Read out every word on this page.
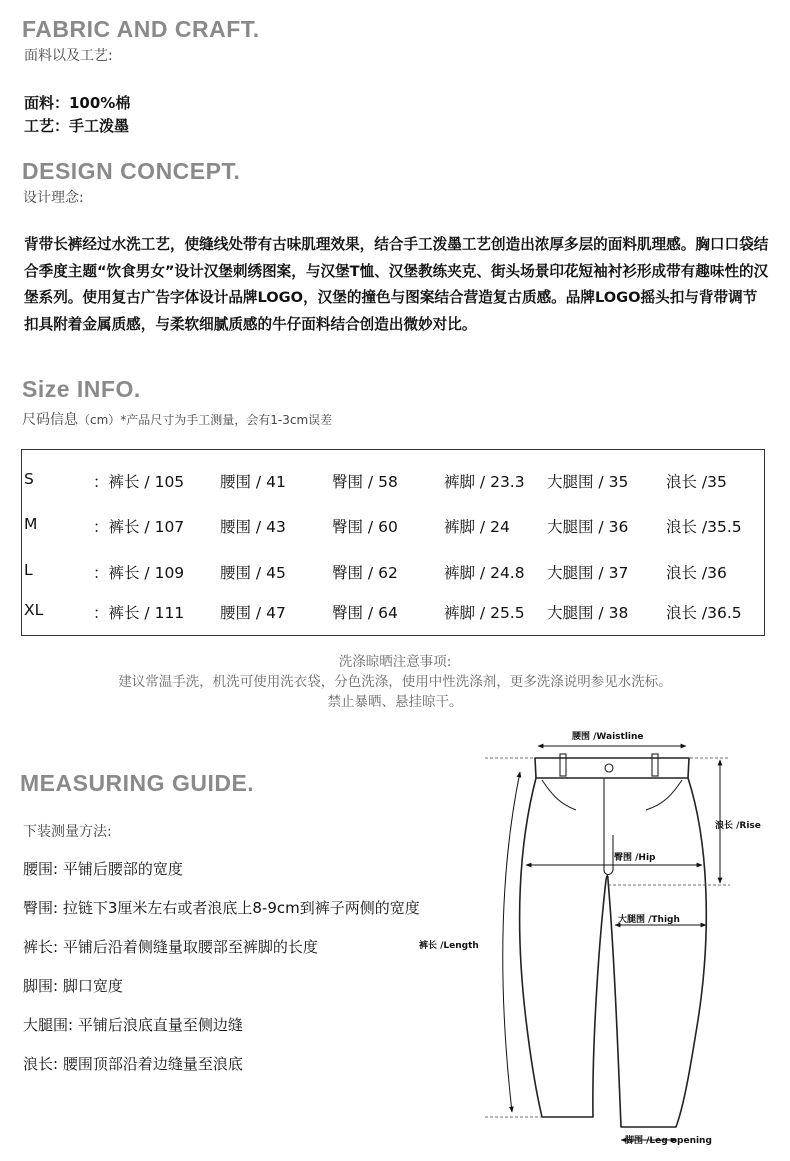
FABRIC AND CRAFT.
面料以及工艺:
面料：100%棉
工艺：手工泼墨
DESIGN CONCEPT.
设计理念:
背带长裤经过水洗工艺，使缝线处带有古味肌理效果，结合手工泼墨工艺创造出浓厚多层的面料肌理感。胸口口袋结合季度主题“饮食男女”设计汉堡刺绣图案，与汉堡T恤、汉堡教练夹克、街头场景印花短袖衬衫形成带有趣味性的汉堡系列。使用复古广告字体设计品牌LOGO，汉堡的撞色与图案结合营造复古质感。品牌LOGO摇头扣与背带调节扣具附着金属质感，与柔软细腻质感的牛仔面料结合创造出微妙对比。
Size INFO.
尺码信息（cm）*产品尺寸为手工测量，会有1-3cm误差
S	：裤长 / 105 腰围 / 41	臀围 / 58	裤脚 / 23.3 大腿围 / 35 浪长 /35
M	：裤长 / 107 腰围 / 43	臀围 / 60	裤脚 / 24 大腿围 / 36 浪长 /35.5
L	：裤长 / 109 腰围 / 45	臀围 / 62	裤脚 / 24.8 大腿围 / 37 浪长 /36
XL	：裤长 / 111 腰围 / 47	臀围 / 64	裤脚 / 25.5 大腿围 / 38 浪长 /36.5
洗涤晾晒注意事项:
建议常温手洗，机洗可使用洗衣袋，分色洗涤，使用中性洗涤剂，更多洗涤说明参见水洗标。
禁止暴晒、悬挂晾干。
MEASURING GUIDE.
下装测量方法:
腰围: 平铺后腰部的宽度
臀围: 拉链下3厘米左右或者浪底上8-9cm到裤子两侧的宽度
裤长: 平铺后沿着侧缝量取腰部至裤脚的长度
脚围: 脚口宽度
大腿围: 平铺后浪底直量至侧边缝
浪长: 腰围顶部沿着边缝量至浪底
腰围 /Waistline
浪长 /Rise
臀围 /Hip
大腿围 /Thigh
裤长 /Length
脚围 /Leg opening
